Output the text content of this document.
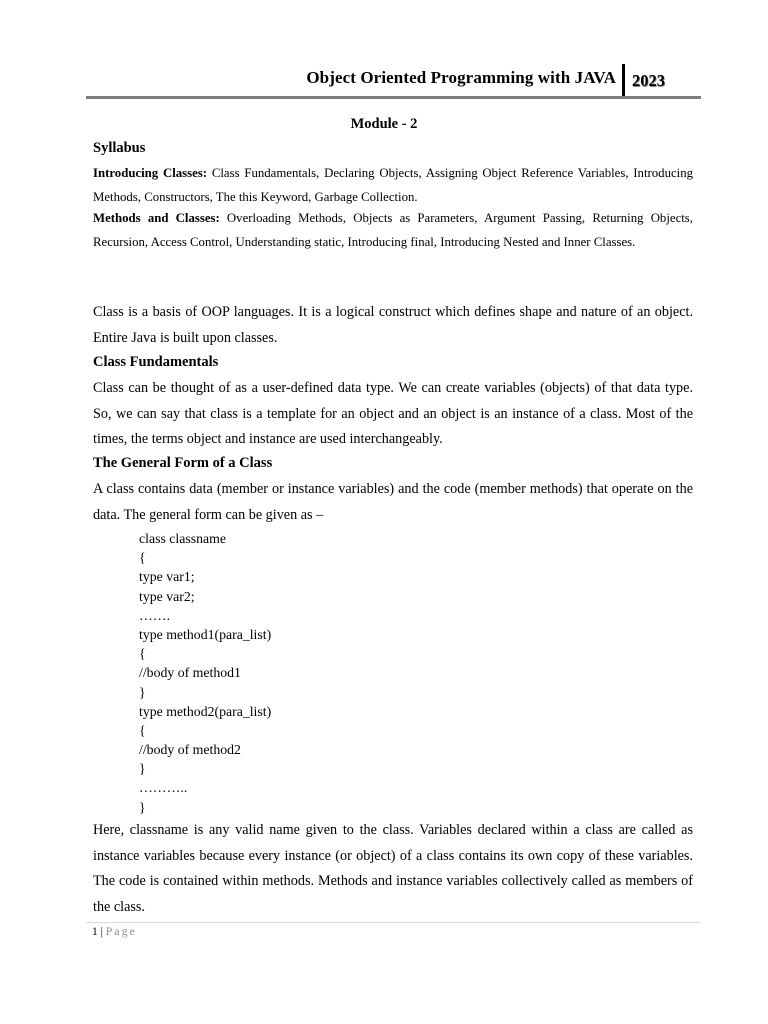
Object Oriented Programming with JAVA 2023
Module - 2
Syllabus
Introducing Classes: Class Fundamentals, Declaring Objects, Assigning Object Reference Variables, Introducing Methods, Constructors, The this Keyword, Garbage Collection.
Methods and Classes: Overloading Methods, Objects as Parameters, Argument Passing, Returning Objects, Recursion, Access Control, Understanding static, Introducing final, Introducing Nested and Inner Classes.
Class is a basis of OOP languages. It is a logical construct which defines shape and nature of an object. Entire Java is built upon classes.
Class Fundamentals
Class can be thought of as a user-defined data type. We can create variables (objects) of that data type. So, we can say that class is a template for an object and an object is an instance of a class. Most of the times, the terms object and instance are used interchangeably.
The General Form of a Class
A class contains data (member or instance variables) and the code (member methods) that operate on the data. The general form can be given as –
class classname
{
type var1;
type var2;
…….
type method1(para_list)
{
//body of method1
}
type method2(para_list)
{
//body of method2
}
………..
}
Here, classname is any valid name given to the class. Variables declared within a class are called as instance variables because every instance (or object) of a class contains its own copy of these variables. The code is contained within methods. Methods and instance variables collectively called as members of the class.
1 | Page
